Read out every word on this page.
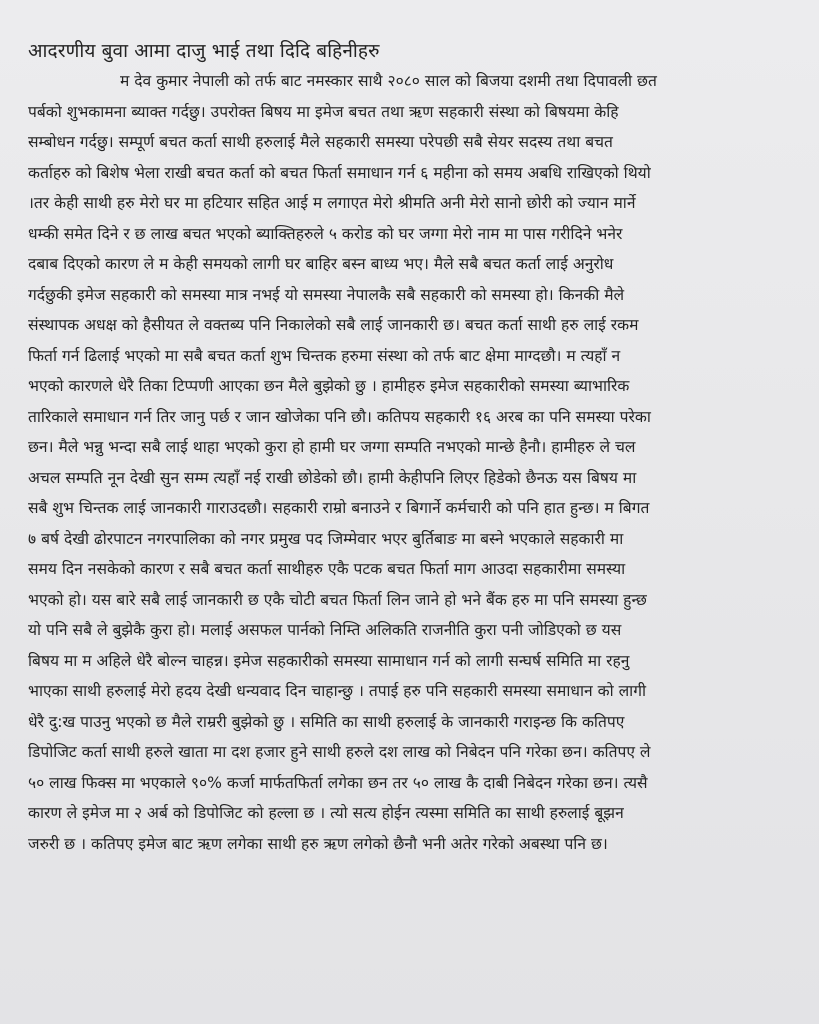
आदरणीय बुवा आमा दाजु भाई तथा दिदि बहिनीहरु
म देव कुमार नेपाली को तर्फ बाट नमस्कार साथै २०८० साल को बिजया दशमी तथा दिपावली छत
पर्बको शुभकामना ब्याक्त गर्दछु। उपरोक्त बिषय मा इमेज बचत तथा ऋण सहकारी संस्था को बिषयमा केहि
सम्बोधन गर्दछु। सम्पूर्ण बचत कर्ता साथी हरुलाई मैले सहकारी समस्या परेपछी सबै सेयर सदस्य तथा बचत
कर्ताहरु को बिशेष भेला राखी बचत कर्ता को बचत फिर्ता समाधान गर्न ६ महीना को समय अबधि राखिएको थियो
।तर केही साथी हरु मेरो घर मा हटियार सहित आई म लगाएत मेरो श्रीमति अनी मेरो सानो छोरी को ज्यान मार्ने
धम्की समेत दिने र छ लाख बचत भएको ब्याक्तिहरुले ५ करोड को घर जग्गा मेरो नाम मा पास गरीदिने भनेर
दबाब दिएको कारण ले म केही समयको लागी घर बाहिर बस्न बाध्य भए। मैले सबै बचत कर्ता लाई अनुरोध
गर्दछुकी इमेज सहकारी को समस्या मात्र नभई यो समस्या नेपालकै सबै सहकारी को समस्या हो। किनकी मैले
संस्थापक अधक्ष को हैसीयत ले वक्तब्य पनि निकालेको सबै लाई जानकारी छ। बचत कर्ता साथी हरु लाई रकम
फिर्ता गर्न ढिलाई भएको मा सबै बचत कर्ता शुभ चिन्तक हरुमा संस्था को तर्फ बाट क्षेमा माग्दछौ। म त्यहाँ न
भएको कारणले धेरै तिका टिप्पणी आएका छन मैले बुझेको छु । हामीहरु इमेज सहकारीको समस्या ब्याभारिक
तारिकाले समाधान गर्न तिर जानु पर्छ र जान खोजेका पनि छौ। कतिपय सहकारी १६ अरब का पनि समस्या परेका
छन। मैले भन्नु भन्दा सबै लाई थाहा भएको कुरा हो हामी घर जग्गा सम्पति नभएको मान्छे हैनौ। हामीहरु ले चल
अचल सम्पति नून देखी सुन सम्म त्यहाँ नई राखी छोडेको छौ। हामी केहीपनि लिएर हिडेको छैनऊ यस बिषय मा
सबै शुभ चिन्तक लाई जानकारी गाराउदछौ। सहकारी राम्रो बनाउने र बिगार्ने कर्मचारी को पनि हात हुन्छ। म बिगत
७ बर्ष देखी ढोरपाटन नगरपालिका को नगर प्रमुख पद जिम्मेवार भएर बुर्तिबाङ मा बस्ने भएकाले सहकारी मा
समय दिन नसकेको कारण र सबै बचत कर्ता साथीहरु एकै पटक बचत फिर्ता माग आउदा सहकारीमा समस्या
भएको हो। यस बारे सबै लाई जानकारी छ एकै चोटी बचत फिर्ता लिन जाने हो भने बैंक हरु मा पनि समस्या हुन्छ
यो पनि सबै ले बुझेकै कुरा हो। मलाई असफल पार्नको निम्ति अलिकति राजनीति कुरा पनी जोडिएको छ यस
बिषय मा म अहिले धेरै बोल्न चाहन्न। इमेज सहकारीको समस्या सामाधान गर्न को लागी सन्घर्ष समिति मा रहनु
भाएका साथी हरुलाई मेरो हदय देखी धन्यवाद दिन चाहान्छु । तपाई हरु पनि सहकारी समस्या समाधान को लागी
धेरै दु:ख पाउनु भएको छ मैले राम्ररी बुझेको छु । समिति का साथी हरुलाई के जानकारी गराइन्छ कि कतिपए
डिपोजिट कर्ता साथी हरुले खाता मा दश हजार हुने साथी हरुले दश लाख को निबेदन पनि गरेका छन। कतिपए ले
५० लाख फिक्स मा भएकाले ९०% कर्जा मार्फतफिर्ता लगेका छन तर ५० लाख कै दाबी निबेदन गरेका छन। त्यसै
कारण ले इमेज मा २ अर्ब को डिपोजिट को हल्ला छ । त्यो सत्य होईन त्यस्मा समिति का साथी हरुलाई बूझन
जरुरी छ । कतिपए इमेज बाट ऋण लगेका साथी हरु ऋण लगेको छैनौ भनी अतेर गरेको अबस्था पनि छ।
